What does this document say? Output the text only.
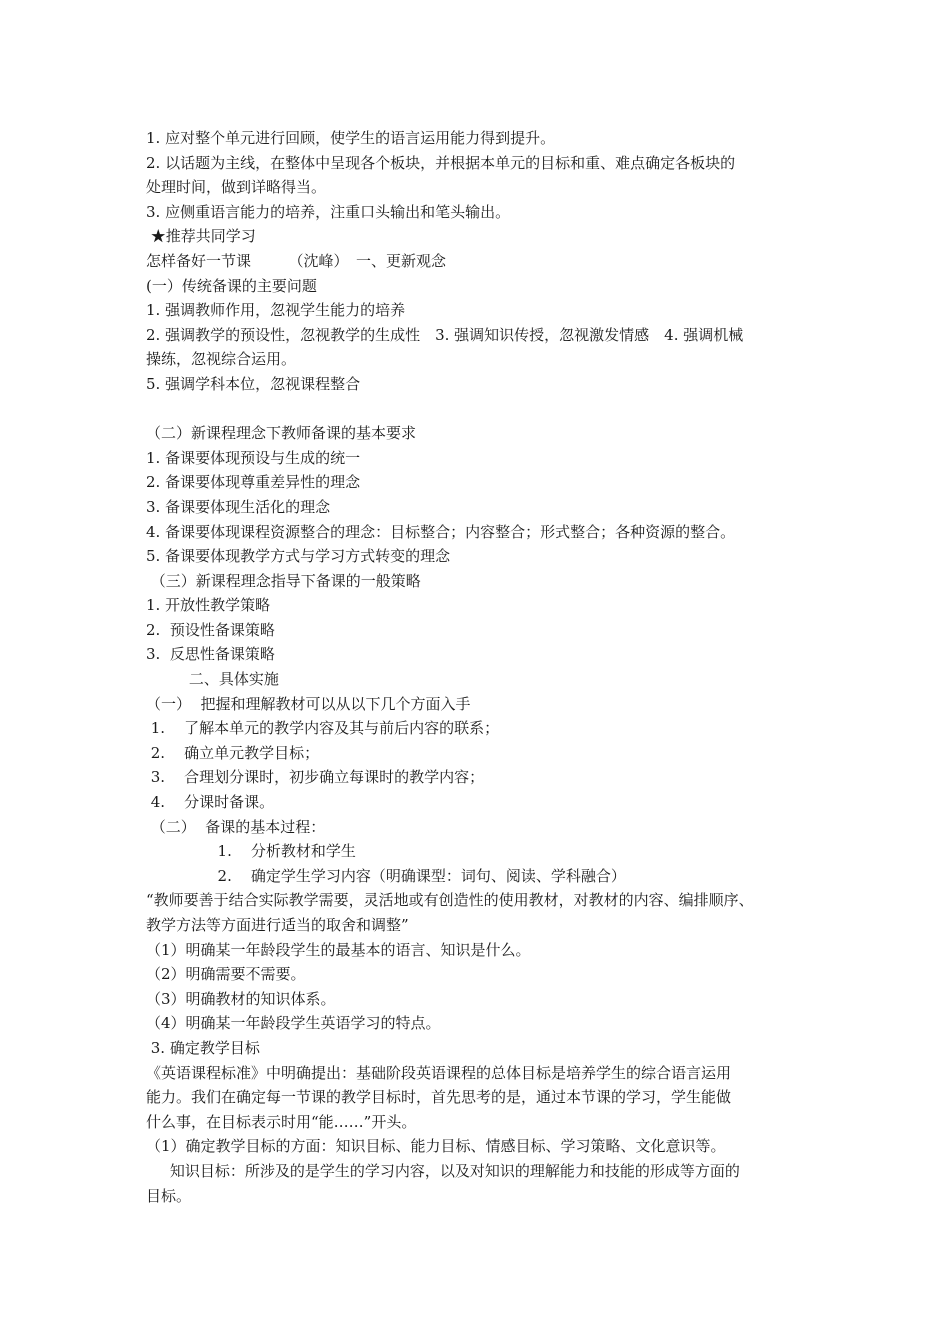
1. 应对整个单元进行回顾，使学生的语言运用能力得到提升。

2. 以话题为主线，在整体中呈现各个板块，并根据本单元的目标和重、难点确定各板块的

处理时间，做到详略得当。

3. 应侧重语言能力的培养，注重口头输出和笔头输出。

★推荐共同学习

怎样备好一节课　　　（沈峰）　一、更新观念

(一）传统备课的主要问题

1. 强调教师作用，忽视学生能力的培养

2. 强调教学的预设性，忽视教学的生成性　3. 强调知识传授，忽视激发情感　4. 强调机械

操练，忽视综合运用。

5. 强调学科本位，忽视课程整合

（二）新课程理念下教师备课的基本要求

1. 备课要体现预设与生成的统一

2. 备课要体现尊重差异性的理念

3. 备课要体现生活化的理念

4. 备课要体现课程资源整合的理念：目标整合；内容整合；形式整合；各种资源的整合。

5. 备课要体现教学方式与学习方式转变的理念

（三）新课程理念指导下备课的一般策略

1. 开放性教学策略

2.  预设性备课策略

3.  反思性备课策略

二、具体实施

（一）  把握和理解教材可以从以下几个方面入手

1.    了解本单元的教学内容及其与前后内容的联系；

2.    确立单元教学目标；

3.    合理划分课时，初步确立每课时的教学内容；

4.    分课时备课。

（二）  备课的基本过程：

1.    分析教材和学生

2.    确定学生学习内容（明确课型：词句、阅读、学科融合）

“教师要善于结合实际教学需要，灵活地或有创造性的使用教材，对教材的内容、编排顺序、

教学方法等方面进行适当的取舍和调整”

（1）明确某一年龄段学生的最基本的语言、知识是什么。

（2）明确需要不需要。

（3）明确教材的知识体系。

（4）明确某一年龄段学生英语学习的特点。

3. 确定教学目标

《英语课程标准》中明确提出：基础阶段英语课程的总体目标是培养学生的综合语言运用

能力。我们在确定每一节课的教学目标时，首先思考的是，通过本节课的学习，学生能做

什么事，在目标表示时用“能……”开头。

（1）确定教学目标的方面：知识目标、能力目标、情感目标、学习策略、文化意识等。

知识目标：所涉及的是学生的学习内容，以及对知识的理解能力和技能的形成等方面的

目标。
